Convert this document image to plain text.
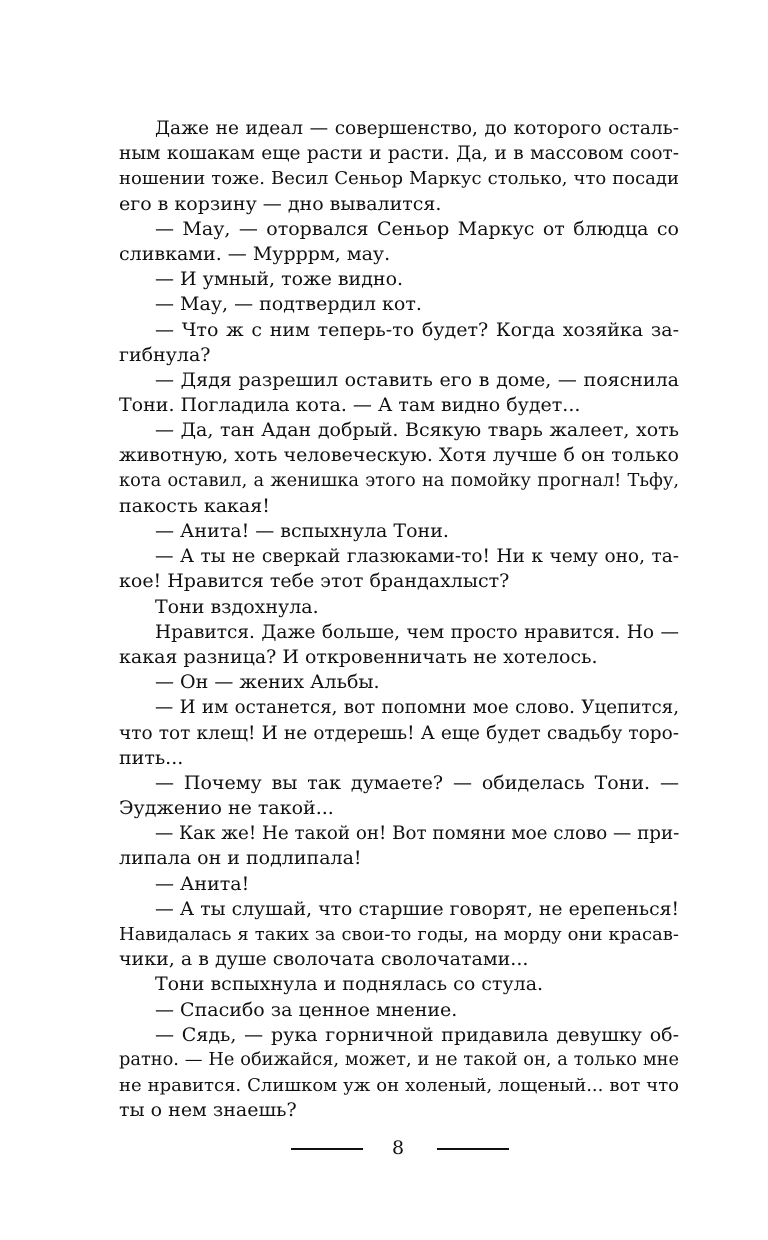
Даже не идеал — совершенство, до которого осталь-
ным кошакам еще расти и расти. Да, и в массовом соот-
ношении тоже. Весил Сеньор Маркус столько, что посади
его в корзину — дно вывалится.
— Мау, — оторвался Сеньор Маркус от блюдца со
сливками. — Мурррм, мау.
— И умный, тоже видно.
— Мау, — подтвердил кот.
— Что ж с ним теперь-то будет? Когда хозяйка за-
гибнула?
— Дядя разрешил оставить его в доме, — пояснила
Тони. Погладила кота. — А там видно будет...
— Да, тан Адан добрый. Всякую тварь жалеет, хоть
животную, хоть человеческую. Хотя лучше б он только
кота оставил, а женишка этого на помойку прогнал! Тьфу,
пакость какая!
— Анита! — вспыхнула Тони.
— А ты не сверкай глазюками-то! Ни к чему оно, та-
кое! Нравится тебе этот брандахлыст?
Тони вздохнула.
Нравится. Даже больше, чем просто нравится. Но —
какая разница? И откровенничать не хотелось.
— Он — жених Альбы.
— И им останется, вот попомни мое слово. Уцепится,
что тот клещ! И не отдерешь! А еще будет свадьбу торо-
пить...
— Почему вы так думаете? — обиделась Тони. —
Эудженио не такой...
— Как же! Не такой он! Вот помяни мое слово — при-
липала он и подлипала!
— Анита!
— А ты слушай, что старшие говорят, не ерепенься!
Навидалась я таких за свои-то годы, на морду они красав-
чики, а в душе сволочата сволочатами...
Тони вспыхнула и поднялась со стула.
— Спасибо за ценное мнение.
— Сядь, — рука горничной придавила девушку об-
ратно. — Не обижайся, может, и не такой он, а только мне
не нравится. Слишком уж он холеный, лощеный... вот что
ты о нем знаешь?
8
